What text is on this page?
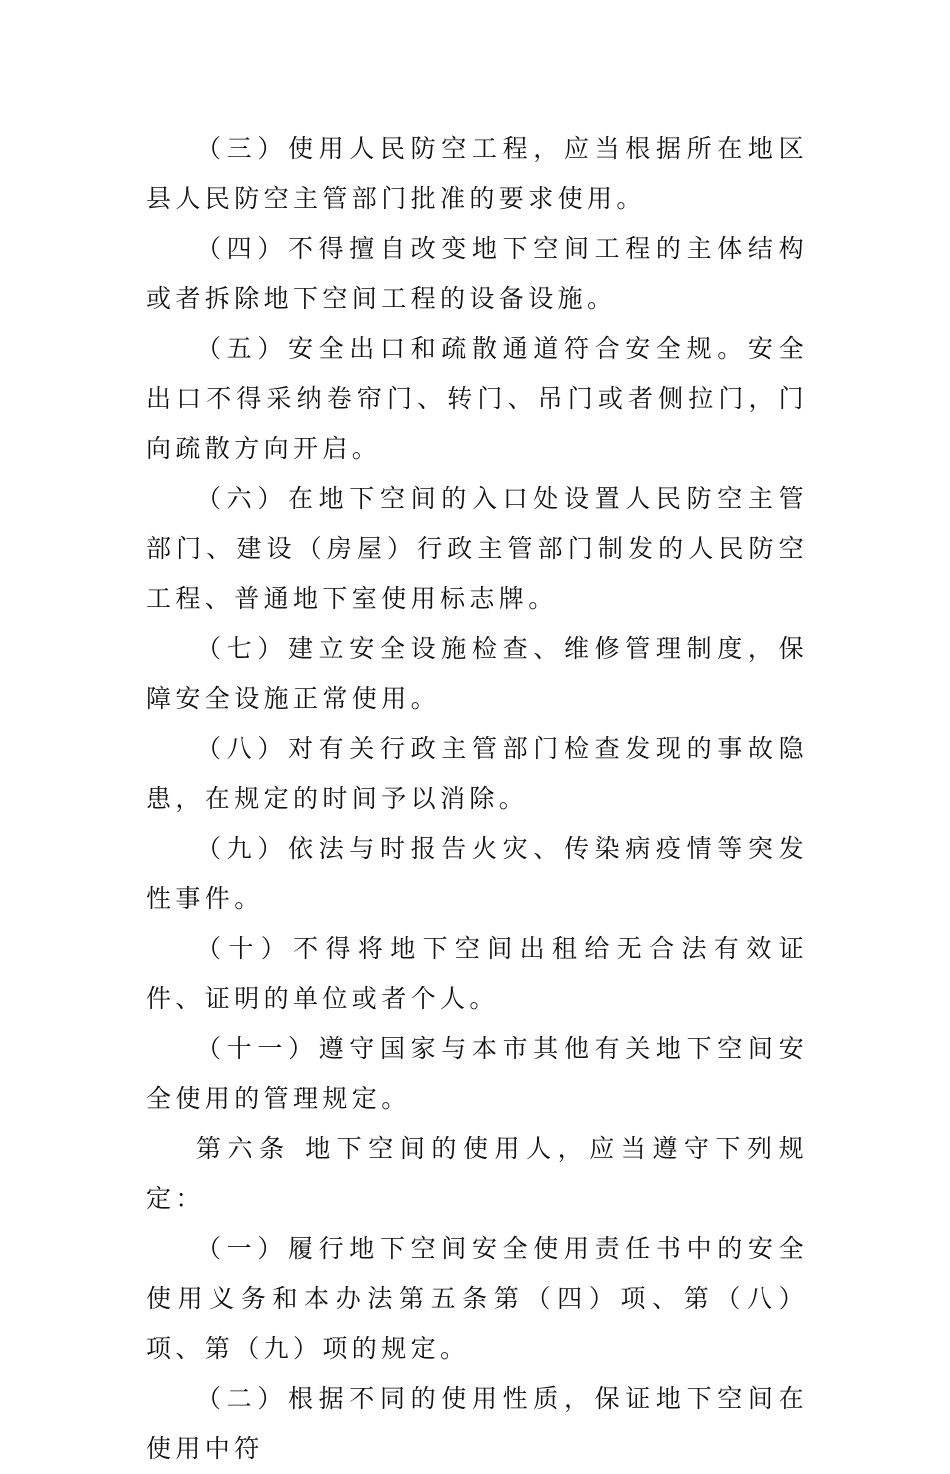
（三）使用人民防空工程，应当根据所在地区县人民防空主管部门批准的要求使用。

（四）不得擅自改变地下空间工程的主体结构或者拆除地下空间工程的设备设施。

（五）安全出口和疏散通道符合安全规。安全出口不得采纳卷帘门、转门、吊门或者侧拉门，门向疏散方向开启。

（六）在地下空间的入口处设置人民防空主管部门、建设（房屋）行政主管部门制发的人民防空工程、普通地下室使用标志牌。

（七）建立安全设施检查、维修管理制度，保障安全设施正常使用。

（八）对有关行政主管部门检查发现的事故隐患，在规定的时间予以消除。

（九）依法与时报告火灾、传染病疫情等突发性事件。

（十）不得将地下空间出租给无合法有效证件、证明的单位或者个人。

（十一）遵守国家与本市其他有关地下空间安全使用的管理规定。

第六条 地下空间的使用人，应当遵守下列规定：

（一）履行地下空间安全使用责任书中的安全使用义务和本办法第五条第（四）项、第（八）项、第（九）项的规定。

（二）根据不同的使用性质，保证地下空间在使用中符
